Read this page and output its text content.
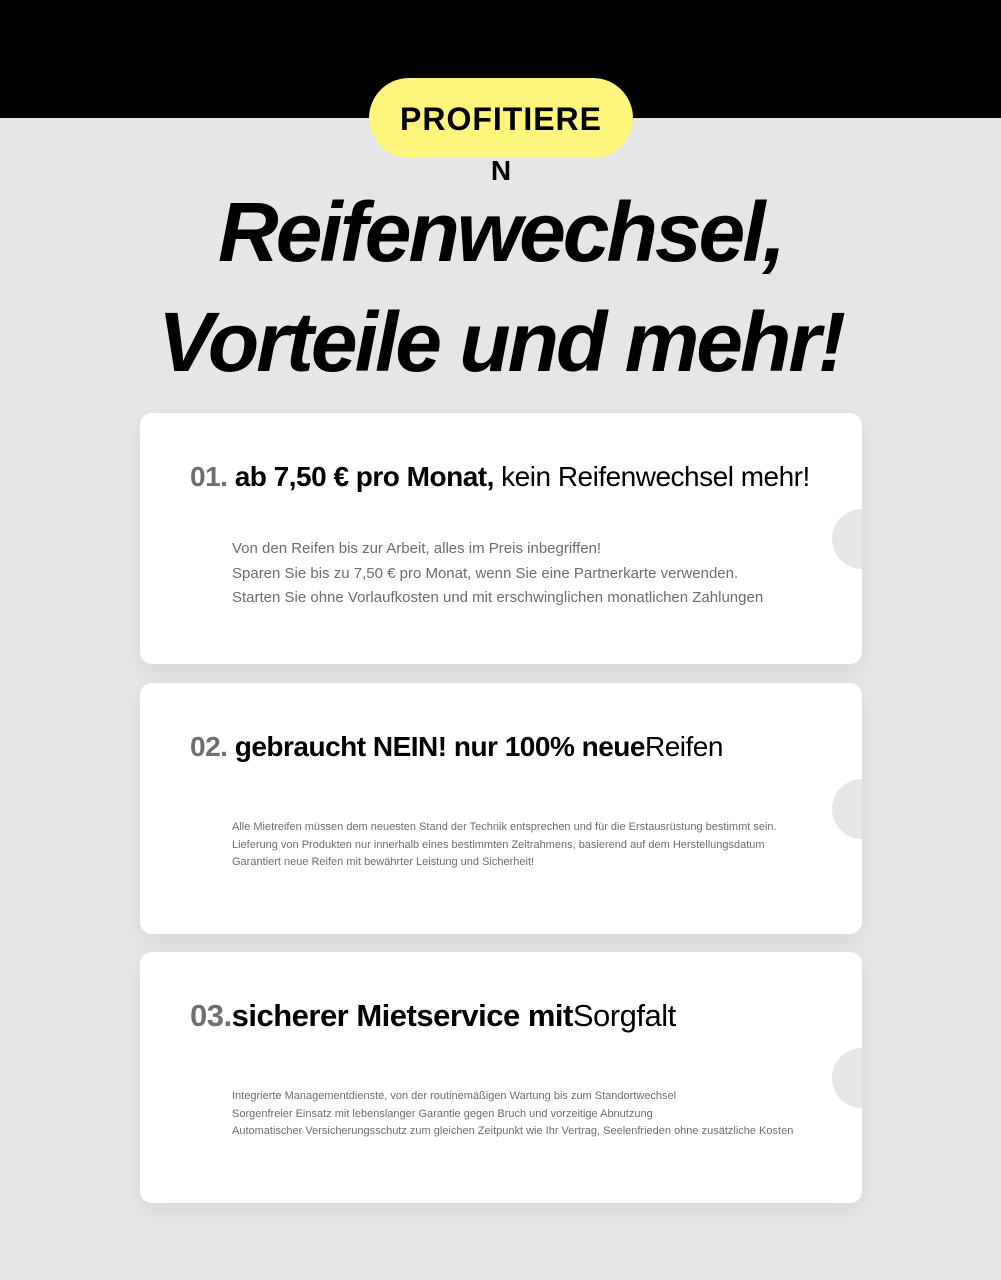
PROFITIERE
N
Reifenwechsel,
Vorteile und mehr!
01. ab 7,50 € pro Monat, kein Reifenwechsel mehr!
Von den Reifen bis zur Arbeit, alles im Preis inbegriffen!
Sparen Sie bis zu 7,50 € pro Monat, wenn Sie eine Partnerkarte verwenden.
Starten Sie ohne Vorlaufkosten und mit erschwinglichen monatlichen Zahlungen
02. gebraucht NEIN! nur 100% neueReifen
Alle Mietreifen müssen dem neuesten Stand der Technik entsprechen und für die Erstausrüstung bestimmt sein.
Lieferung von Produkten nur innerhalb eines bestimmten Zeitrahmens, basierend auf dem Herstellungsdatum
Garantiert neue Reifen mit bewährter Leistung und Sicherheit!
03.sicherer Mietservice mitSorgfalt
Integrierte Managementdienste, von der routinemäßigen Wartung bis zum Standortwechsel
Sorgenfreier Einsatz mit lebenslanger Garantie gegen Bruch und vorzeitige Abnutzung
Automatischer Versicherungsschutz zum gleichen Zeitpunkt wie Ihr Vertrag, Seelenfrieden ohne zusätzliche Kosten
